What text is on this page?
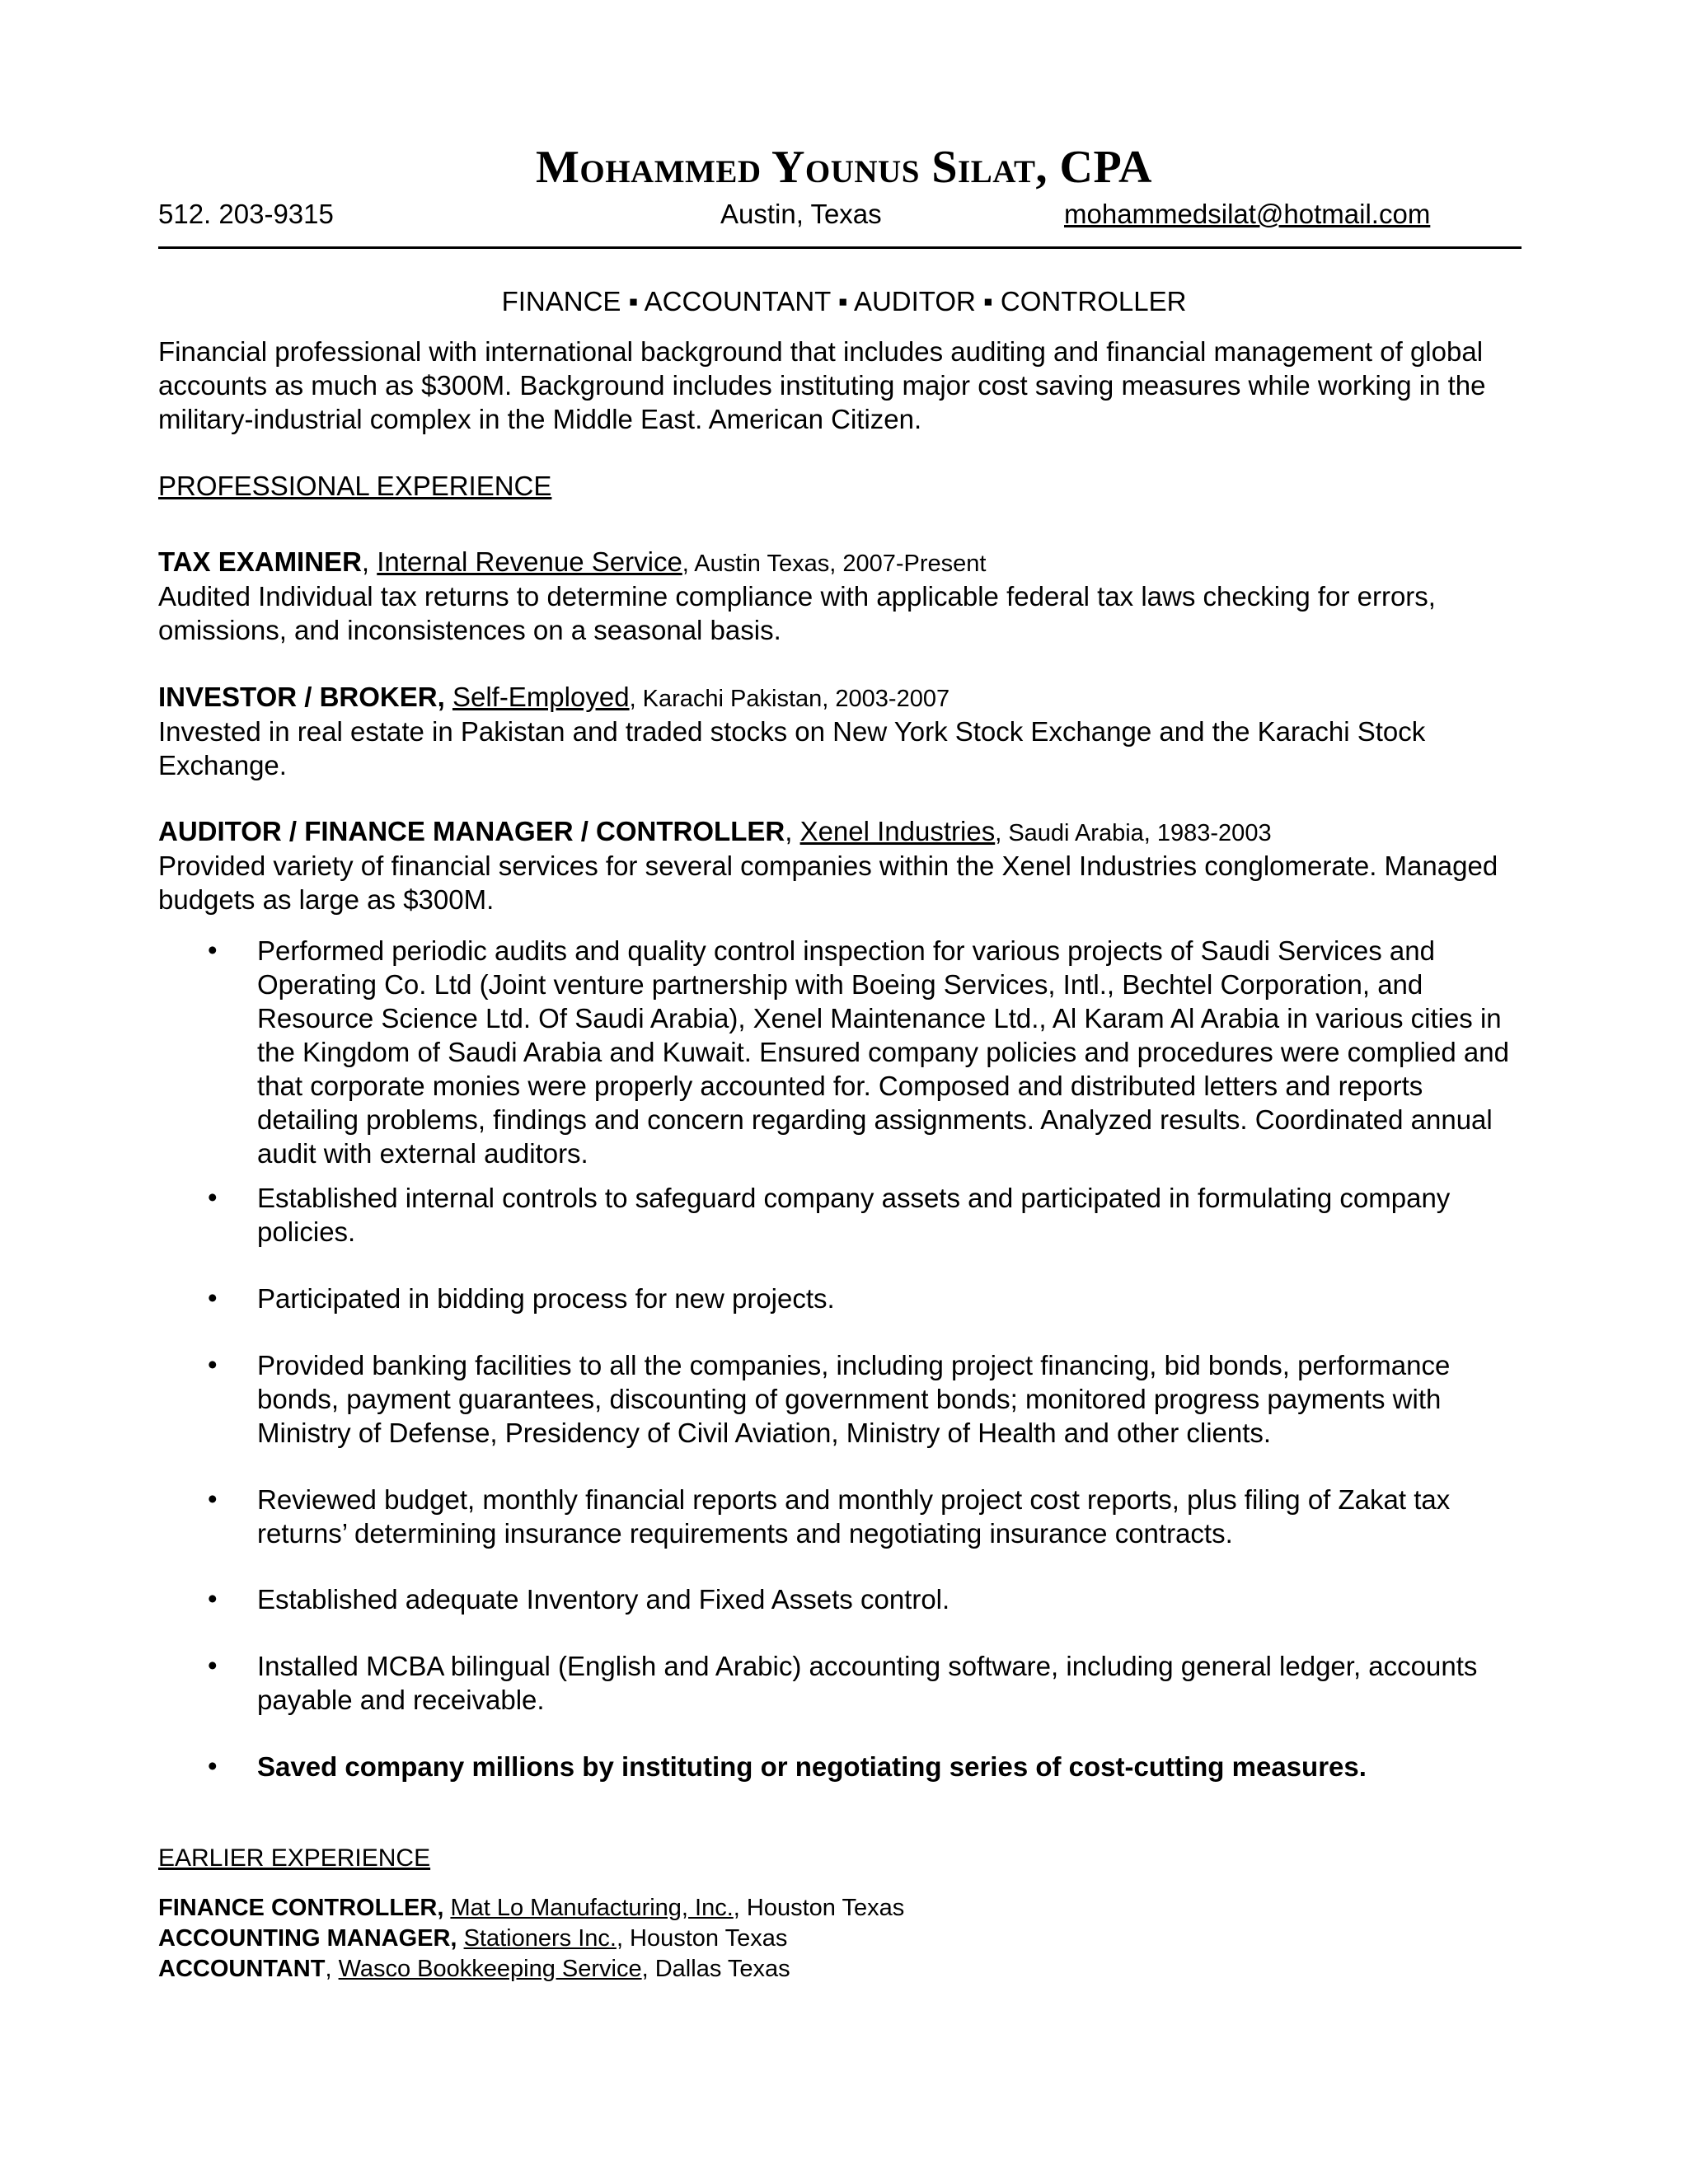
Mohammed Younus Silat, CPA
512. 203-9315	Austin, Texas	mohammedsilat@hotmail.com
FINANCE ▪ ACCOUNTANT ▪ AUDITOR ▪ CONTROLLER
Financial professional with international background that includes auditing and financial management of global accounts as much as $300M. Background includes instituting major cost saving measures while working in the military-industrial complex in the Middle East. American Citizen.
PROFESSIONAL EXPERIENCE
TAX EXAMINER, Internal Revenue Service, Austin Texas, 2007-Present
Audited Individual tax returns to determine compliance with applicable federal tax laws checking for errors, omissions, and inconsistences on a seasonal basis.
INVESTOR / BROKER, Self-Employed, Karachi Pakistan, 2003-2007
Invested in real estate in Pakistan and traded stocks on New York Stock Exchange and the Karachi Stock Exchange.
AUDITOR / FINANCE MANAGER / CONTROLLER, Xenel Industries, Saudi Arabia, 1983-2003
Provided variety of financial services for several companies within the Xenel Industries conglomerate. Managed budgets as large as $300M.
• Performed periodic audits and quality control inspection for various projects of Saudi Services and Operating Co. Ltd (Joint venture partnership with Boeing Services, Intl., Bechtel Corporation, and Resource Science Ltd. Of Saudi Arabia), Xenel Maintenance Ltd., Al Karam Al Arabia in various cities in the Kingdom of Saudi Arabia and Kuwait. Ensured company policies and procedures were complied and that corporate monies were properly accounted for. Composed and distributed letters and reports detailing problems, findings and concern regarding assignments. Analyzed results. Coordinated annual audit with external auditors.
• Established internal controls to safeguard company assets and participated in formulating company policies.
• Participated in bidding process for new projects.
• Provided banking facilities to all the companies, including project financing, bid bonds, performance bonds, payment guarantees, discounting of government bonds; monitored progress payments with Ministry of Defense, Presidency of Civil Aviation, Ministry of Health and other clients.
• Reviewed budget, monthly financial reports and monthly project cost reports, plus filing of Zakat tax returns’ determining insurance requirements and negotiating insurance contracts.
• Established adequate Inventory and Fixed Assets control.
• Installed MCBA bilingual (English and Arabic) accounting software, including general ledger, accounts payable and receivable.
• Saved company millions by instituting or negotiating series of cost-cutting measures.
EARLIER EXPERIENCE
FINANCE CONTROLLER, Mat Lo Manufacturing, Inc., Houston Texas
ACCOUNTING MANAGER, Stationers Inc., Houston Texas
ACCOUNTANT, Wasco Bookkeeping Service, Dallas Texas
